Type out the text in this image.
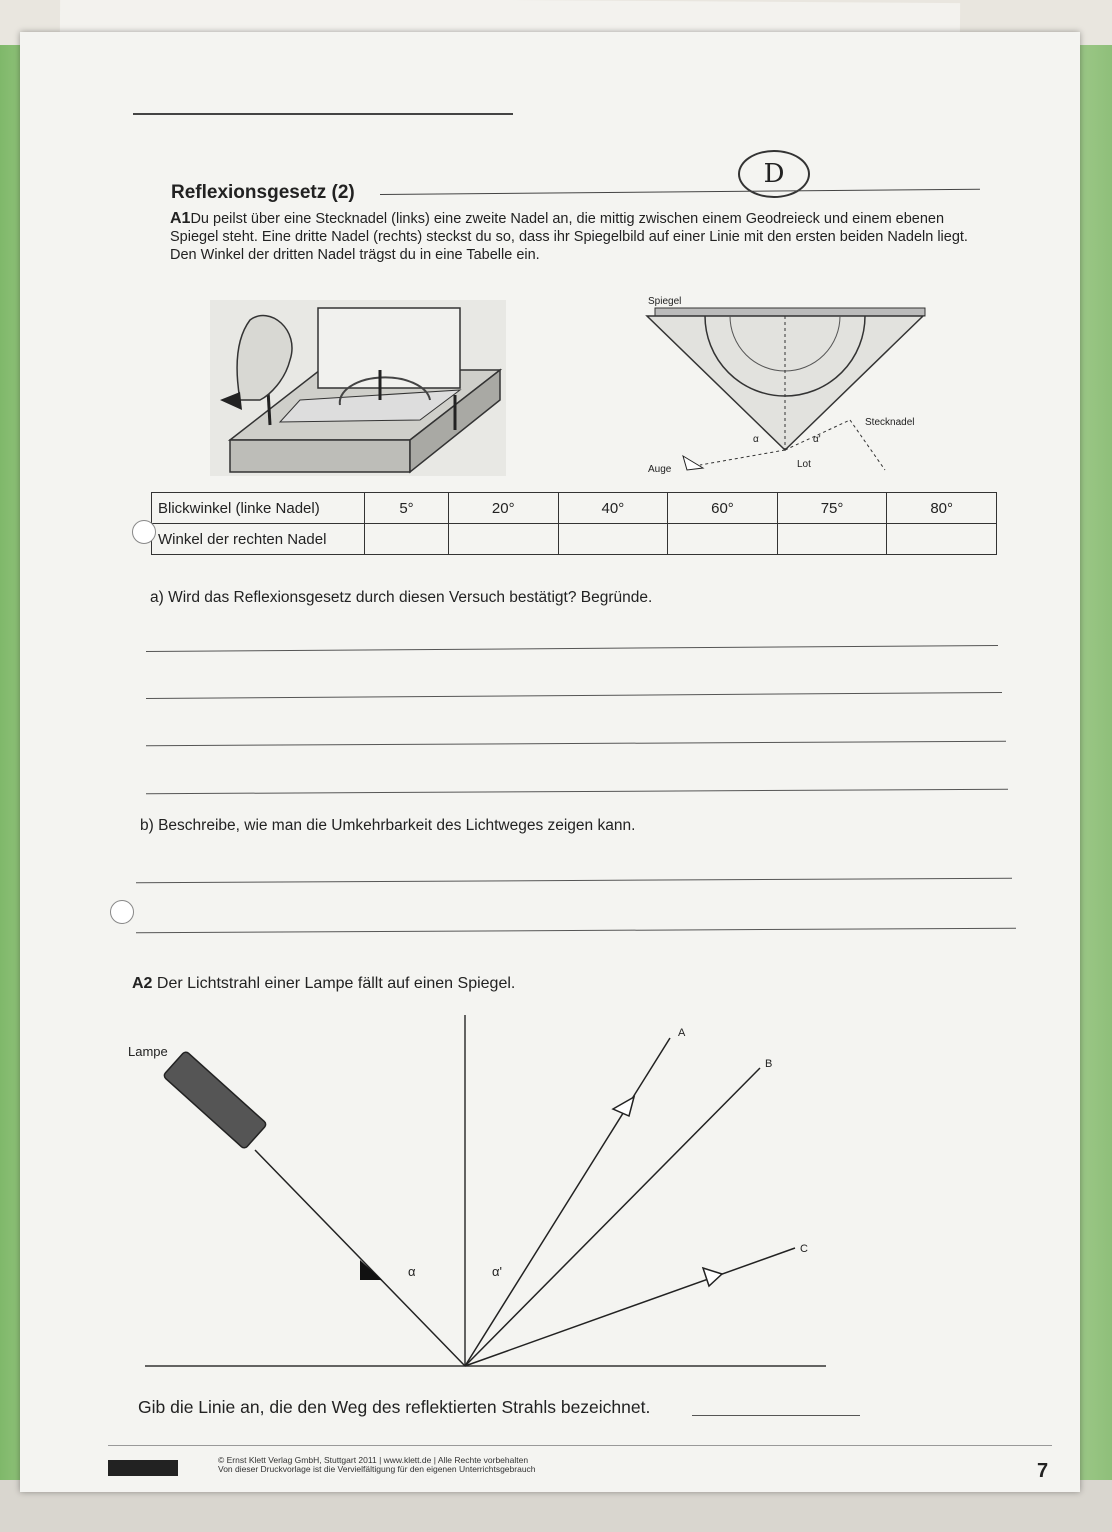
D
Reflexionsgesetz (2)
A1Du peilst über eine Stecknadel (links) eine zweite Nadel an, die mittig zwischen einem Geodreieck und einem ebenen Spiegel steht. Eine dritte Nadel (rechts) steckst du so, dass ihr Spiegelbild auf einer Linie mit den ersten beiden Nadeln liegt. Den Winkel der dritten Nadel trägst du in eine Tabelle ein.
Spiegel
Stecknadel
Auge	Lot
α	α'
Blickwinkel (linke Nadel)	5°	20°	40°	60°	75°	80°
Winkel der rechten Nadel						
a) Wird das Reflexionsgesetz durch diesen Versuch bestätigt? Begründe.
b) Beschreibe, wie man die Umkehrbarkeit des Lichtweges zeigen kann.
A2 Der Lichtstrahl einer Lampe fällt auf einen Spiegel.
Lampe
A
B
C
α	α'
Gib die Linie an, die den Weg des reflektierten Strahls bezeichnet.
© Ernst Klett Verlag GmbH, Stuttgart 2011 | www.klett.de | Alle Rechte vorbehalten
Von dieser Druckvorlage ist die Vervielfältigung für den eigenen Unterrichtsgebrauch	7
